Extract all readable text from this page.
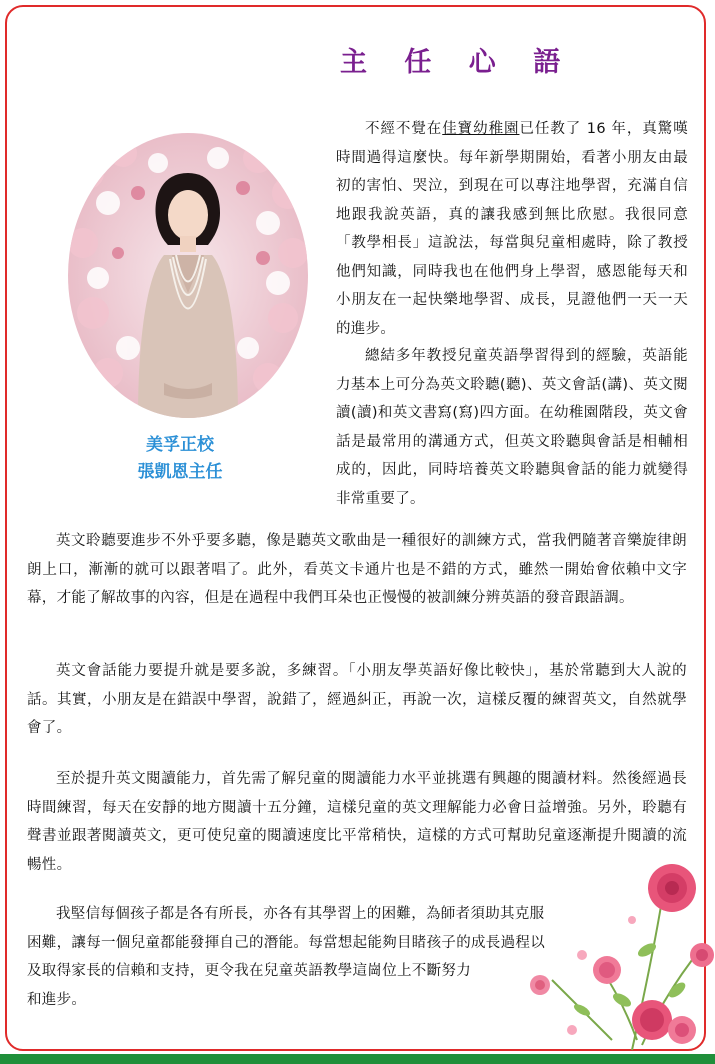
主 任 心 語
美孚正校
張凱恩主任

不經不覺在佳寶幼稚園已任教了 16 年，真驚嘆時間過得這麼快。每年新學期開始，看著小朋友由最初的害怕、哭泣，到現在可以專注地學習，充滿自信地跟我說英語，真的讓我感到無比欣慰。我很同意「教學相長」這說法，每當與兒童相處時，除了教授他們知識，同時我也在他們身上學習，感恩能每天和小朋友在一起快樂地學習、成長，見證他們一天一天的進步。

總結多年教授兒童英語學習得到的經驗，英語能力基本上可分為英文聆聽(聽)、英文會話(講)、英文閱讀(讀)和英文書寫(寫)四方面。在幼稚園階段，英文會話是最常用的溝通方式，但英文聆聽與會話是相輔相成的，因此，同時培養英文聆聽與會話的能力就變得非常重要了。

英文聆聽要進步不外乎要多聽，像是聽英文歌曲是一種很好的訓練方式，當我們隨著音樂旋律朗朗上口，漸漸的就可以跟著唱了。此外，看英文卡通片也是不錯的方式，雖然一開始會依賴中文字幕，才能了解故事的內容，但是在過程中我們耳朵也正慢慢的被訓練分辨英語的發音跟語調。

英文會話能力要提升就是要多說，多練習。「小朋友學英語好像比較快」，基於常聽到大人說的話。其實，小朋友是在錯誤中學習，說錯了，經過糾正，再說一次，這樣反覆的練習英文，自然就學會了。

至於提升英文閱讀能力，首先需了解兒童的閱讀能力水平並挑選有興趣的閱讀材料。然後經過長時間練習，每天在安靜的地方閱讀十五分鐘，這樣兒童的英文理解能力必會日益增強。另外，聆聽有聲書並跟著閱讀英文，更可使兒童的閱讀速度比平常稍快，這樣的方式可幫助兒童逐漸提升閱讀的流暢性。

我堅信每個孩子都是各有所長，亦各有其學習上的困難，為師者須助其克服
困難，讓每一個兒童都能發揮自己的潛能。每當想起能夠目睹孩子的成長過程以
及取得家長的信賴和支持，更令我在兒童英語教學這崗位上不斷努力
和進步。
